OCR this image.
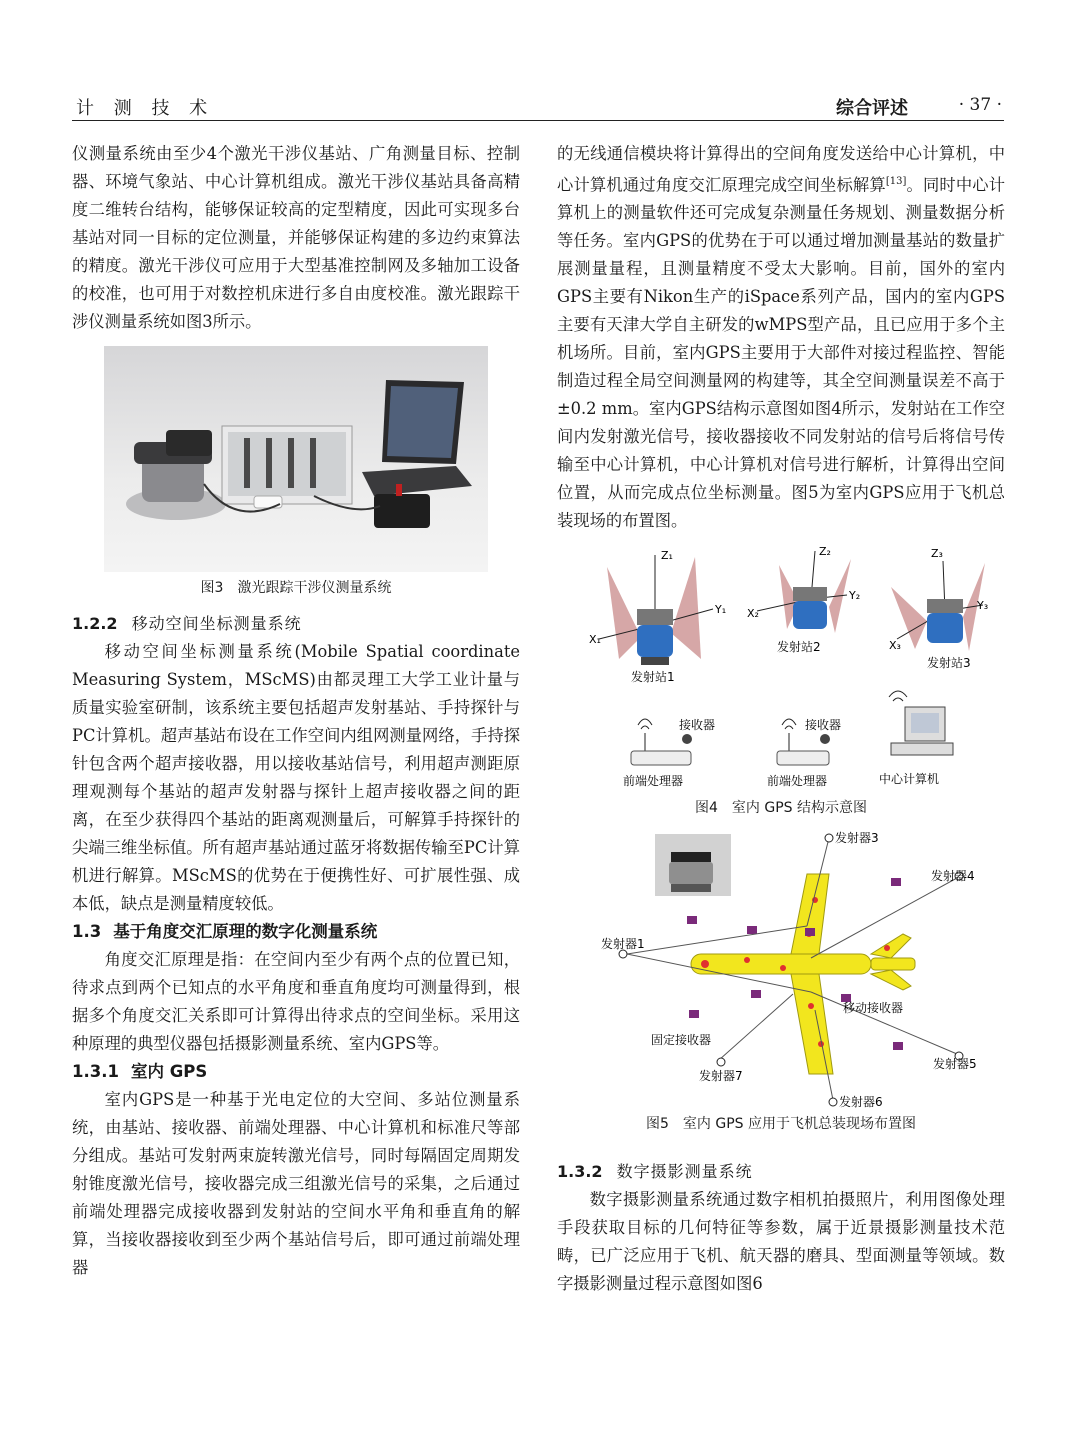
计 测 技 术	综合评述	· 37 ·

仪测量系统由至少4个激光干涉仪基站、广角测量目标、控制器、环境气象站、中心计算机组成。激光干涉仪基站具备高精度二维转台结构，能够保证较高的定型精度，因此可实现多台基站对同一目标的定位测量，并能够保证构建的多边约束算法的精度。激光干涉仪可应用于大型基准控制网及多轴加工设备的校准，也可用于对数控机床进行多自由度校准。激光跟踪干涉仪测量系统如图3所示。

图3 激光跟踪干涉仪测量系统
1.2.2 移动空间坐标测量系统

移动空间坐标测量系统(Mobile Spatial coordinate Measuring System，MScMS)由都灵理工大学工业计量与质量实验室研制，该系统主要包括超声发射基站、手持探针与PC计算机。超声基站布设在工作空间内组网测量网络，手持探针包含两个超声接收器，用以接收基站信号，利用超声测距原理观测每个基站的超声发射器与探针上超声接收器之间的距离，在至少获得四个基站的距离观测量后，可解算手持探针的尖端三维坐标值。所有超声基站通过蓝牙将数据传输至PC计算机进行解算。MScMS的优势在于便携性好、可扩展性强、成本低，缺点是测量精度较低。

1.3 基于角度交汇原理的数字化测量系统

角度交汇原理是指：在空间内至少有两个点的位置已知，待求点到两个已知点的水平角度和垂直角度均可测量得到，根据多个角度交汇关系即可计算得出待求点的空间坐标。采用这种原理的典型仪器包括摄影测量系统、室内GPS等。

1.3.1 室内 GPS

室内GPS是一种基于光电定位的大空间、多站位测量系统，由基站、接收器、前端处理器、中心计算机和标准尺等部分组成。基站可发射两束旋转激光信号，同时每隔固定周期发射锥度激光信号，接收器完成三组激光信号的采集，之后通过前端处理器完成接收器到发射站的空间水平角和垂直角的解算，当接收器接收到至少两个基站信号后，即可通过前端处理器

的无线通信模块将计算得出的空间角度发送给中心计算机，中心计算机通过角度交汇原理完成空间坐标解算[13]。同时中心计算机上的测量软件还可完成复杂测量任务规划、测量数据分析等任务。室内GPS的优势在于可以通过增加测量基站的数量扩展测量量程，且测量精度不受太大影响。目前，国外的室内GPS主要有Nikon生产的iSpace系列产品，国内的室内GPS主要有天津大学自主研发的wMPS型产品，且已应用于多个主机场所。目前，室内GPS主要用于大部件对接过程监控、智能制造过程全局空间测量网的构建等，其全空间测量误差不高于±0.2 mm。室内GPS结构示意图如图4所示，发射站在工作空间内发射激光信号，接收器接收不同发射站的信号后将信号传输至中心计算机，中心计算机对信号进行解析，计算得出空间位置，从而完成点位坐标测量。图5为室内GPS应用于飞机总装现场的布置图。

Z₁
Y₁
X₁
发射站1
Z₂
Y₂
X₂
发射站2
Z₃
Y₃
X₃
发射站3
接收器
前端处理器
接收器
前端处理器	中心计算机
图4 室内 GPS 结构示意图
发射器1
发射器3
发射器4
发射器5
发射器6
发射器7
固定接收器
移动接收器
图5 室内 GPS 应用于飞机总装现场布置图
1.3.2 数字摄影测量系统

数字摄影测量系统通过数字相机拍摄照片，利用图像处理手段获取目标的几何特征等参数，属于近景摄影测量技术范畴，已广泛应用于飞机、航天器的磨具、型面测量等领域。数字摄影测量过程示意图如图6
